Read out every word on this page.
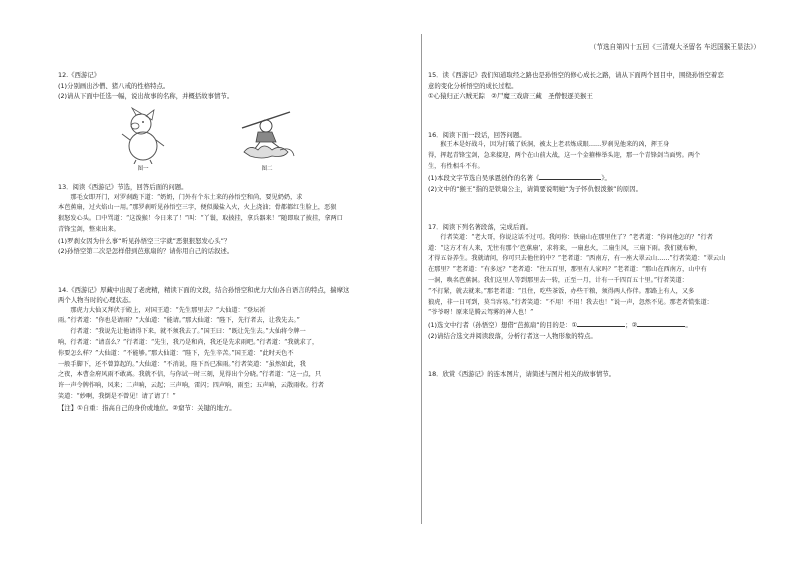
（节选自第四十五回《三清观大圣留名 车迟国猴王显法》）

12.《西游记》

(1)分别画出沙僧、猪八戒的性格特点。

(2)请从下面中任选一幅，说出故事的名称，并概括故事情节。

图一	图二

13．阅读《西游记》节选，回答后面的问题。

　　那毛女即开门，对罗刹跪下道：“奶奶，门外有个东土来的孙悟空和尚，要见奶奶，求

本芭蕉扇，过火焰山一用。”那罗刹听见孙悟空三字，便似撮盐入火，火上浇油；骨都都红生脸上，恶狠

狠怒发心头。口中骂道：“这泼猴！今日来了！”叫：“丫鬟，取披挂，拿兵器来！”随即取了披挂，拿两口

青锋宝剑，整束出来。

(1)罗刹女因为什么事“听见孙悟空三字就”恶狠狠怒发心头”？

(2)孙悟空第二次是怎样借到芭蕉扇的？请你用自己的话叙述。

14.《西游记》厚藏中出现了老虎精，精读下面的文段，结合孙悟空和虎力大仙各自语言的特点，揣摩这

两个人物当时的心理状态。

　　那虎力大仙又拜伏于殿上，对国王道：“先生那里去？”大仙道：“登坛祈

雨。”行者道：“你也是请雨？”大仙道：“能请。”那大仙道：“陛下，先行者去，让我先去。”

　　行者道：“我说先让他请得下来，就不须我去了。”国王曰：“既让先生去。”大仙将令牌一

响，行者道：“请喜么？”行者道：“先生，我乃是和尚，我还是先求雨吧。”行者道：“我就求了，

你要怎么样？”大仙道：“不能够。”那大仙道：“陛下，先生辛苦。”国王道：“此时天色不

一般手脚下，还不曾算起的。”大仙道：“不消说，陛下吾已准雨。”行者笑道：“虽然如此，我

之夜，本曹金府风雨不敢离。我就不信，与你试一时三刻，见得出个分晓。”行者道：“这一点，只

许一声令牌作响，风来；二声响，云起；三声响，雷闪；四声响，雨至；五声响，云散雨收。行者

笑道：“妙啊，我倒是不曾见！请了请了！”

【注】①自重：指高自己的身价或地位。②窟节：关键的地方。

15．读《西游记》我们知道取经之路也是孙悟空的修心成长之路，请从下面两个回目中，围绕孙悟空着恋

意的变化分析悟空的成长过程。

①心猿归正六贼无踪　②尸魔三戏唐三藏　圣僧恨逐美猴王

16．阅读下面一段话，回答问题。

　　猴王本是好战斗，因为打破了妖洞，被太上老君炼成眼……罗刹见他来的凶，挥王身

得，挥起青锋宝剑，急来接迎，两个在山前大战，这一个金箍棒举头迎，那一个青锋剑当面劈。两个

生，有性相斗不有。

(1)本段文字节选自吴承恩创作的名著《	》。

(2)文中的“猴王”指的是铁扇公主，请简要说明她“为子怀仇恨泼猴”的原因。

17．阅读下列名著段落，完成后面。

　　行者笑道：“老大哥，你说这话不过可。我问你：铁扇山在那里住了？”老者道：“你问他怎的？”行者

道：“这方才有人来，无往有那个‘芭蕉扇’，求将来，一扇息火，二扇生风，三扇下雨。我们就布种，

才得五谷养生。我就请问，你可只去他住的中？”老者道：“西南方，有一座大翠云山……”行者笑道：“翠云山

在那里？”老者道：“有多远？”老者道：“往五百里，那里有人家吗？”老者道：“那山在西南方，山中有

一洞，唤名芭蕉洞。我们这里人等到那里去一转，正至一月，计有一千四百五十里。”行者笑道：

“不打紧，就去就来。”那老者道：“且住，吃些茶饭，办些干粮，须得两人作伴。那路上有人，又多

狼虎，非一日可到，莫当容易。”行者笑道：“不用！不用！我去也！”说一声，忽然不见。那老者慌张道：

“爷爷呀！原来是腾云驾雾的神人也！”

(1)选文中行者（孙悟空）想借“芭蕉扇”的目的是：①	；②	。

(2)请结合选文并阅读段落，分析行者这一人物形象的特点。

18．欣赏《西游记》的连本图片，请简述与图片相关的故事情节。
